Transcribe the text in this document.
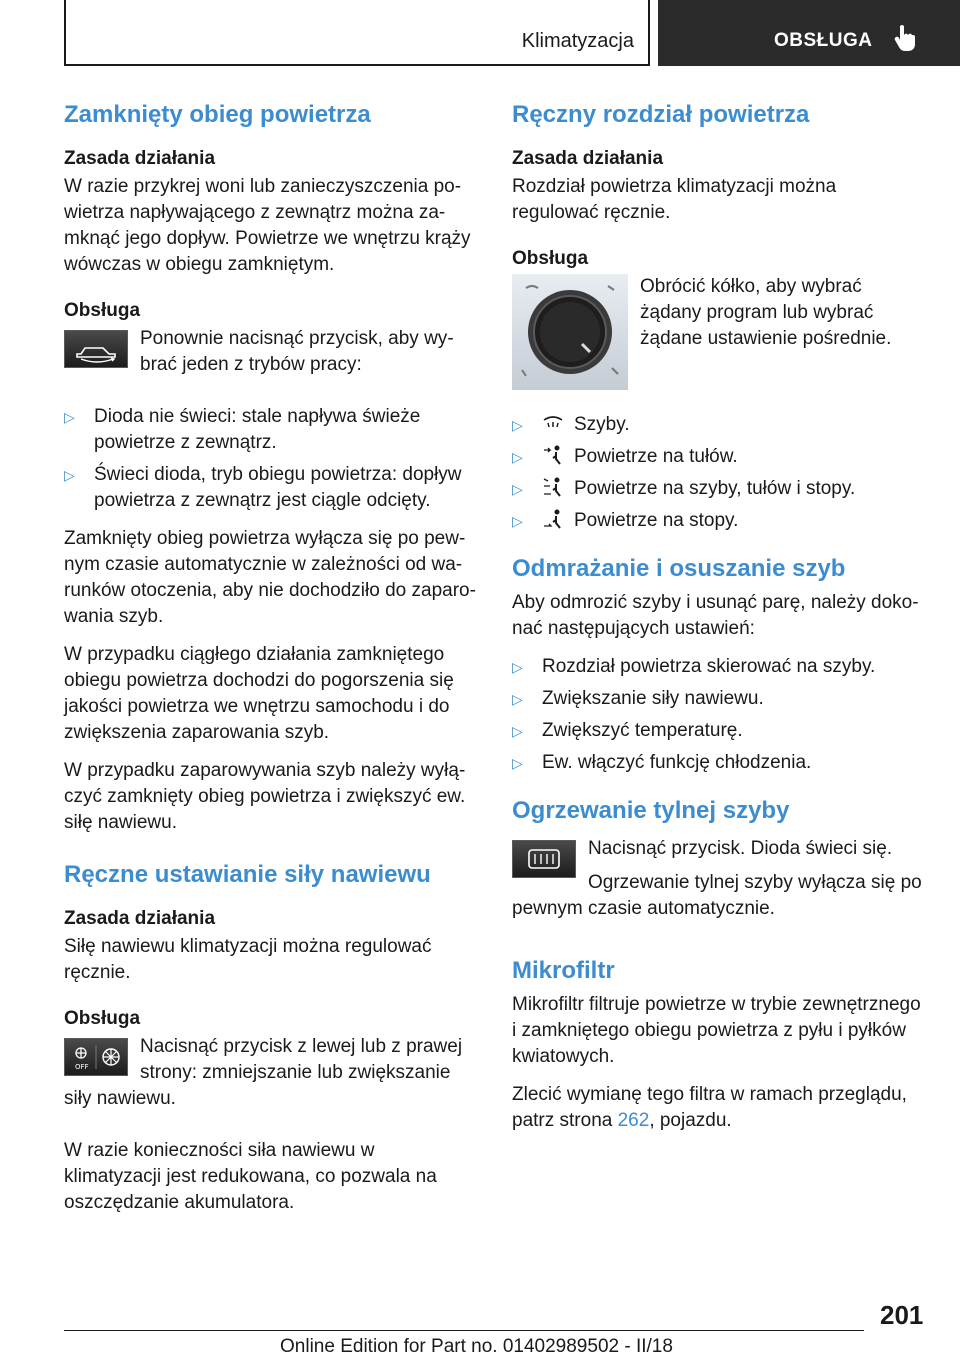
Klimatyzacja	OBSŁUGA
Zamknięty obieg powietrza
Zasada działania

W razie przykrej woni lub zanieczyszczenia powietrza napływającego z zewnątrz można zamknąć jego dopływ. Powietrze we wnętrzu krąży wówczas w obiegu zamkniętym.

Obsługa

Ponownie nacisnąć przycisk, aby wybrać jeden z trybów pracy:

▷ Dioda nie świeci: stale napływa świeże powietrze z zewnątrz.
▷ Świeci dioda, tryb obiegu powietrza: dopływ powietrza z zewnątrz jest ciągle odcięty.

Zamknięty obieg powietrza wyłącza się po pewnym czasie automatycznie w zależności od warunków otoczenia, aby nie dochodziło do zaparowania szyb.

W przypadku ciągłego działania zamkniętego obiegu powietrza dochodzi do pogorszenia się jakości powietrza we wnętrzu samochodu i do zwiększenia zaparowania szyb.

W przypadku zaparowywania szyb należy wyłączyć zamknięty obieg powietrza i zwiększyć ew. siłę nawiewu.

Ręczne ustawianie siły nawiewu
Zasada działania

Siłę nawiewu klimatyzacji można regulować ręcznie.

Obsługa
OFF

Nacisnąć przycisk z lewej lub z prawej strony: zmniejszanie lub zwiększanie siły nawiewu.

W razie konieczności siła nawiewu w klimatyzacji jest redukowana, co pozwala na oszczędzanie akumulatora.

Ręczny rozdział powietrza
Zasada działania

Rozdział powietrza klimatyzacji można regulować ręcznie.

Obsługa

Obrócić kółko, aby wybrać żądany program lub wybrać żądane ustawienie pośrednie.

▷	Szyby.
▷	Powietrze na tułów.
▷	Powietrze na szyby, tułów i stopy.
▷	Powietrze na stopy.
Odmrażanie i osuszanie szyb

Aby odmrozić szyby i usunąć parę, należy dokonać następujących ustawień:

▷ Rozdział powietrza skierować na szyby.
▷ Zwiększanie siły nawiewu.
▷ Zwiększyć temperaturę.
▷ Ew. włączyć funkcję chłodzenia.
Ogrzewanie tylnej szyby

Nacisnąć przycisk. Dioda świeci się.

Ogrzewanie tylnej szyby wyłącza się po pewnym czasie automatycznie.

Mikrofiltr

Mikrofiltr filtruje powietrze w trybie zewnętrznego i zamkniętego obiegu powietrza z pyłu i pyłków kwiatowych.

Zlecić wymianę tego filtra w ramach przeglądu, patrz strona 262, pojazdu.

201
Online Edition for Part no. 01402989502 - II/18
